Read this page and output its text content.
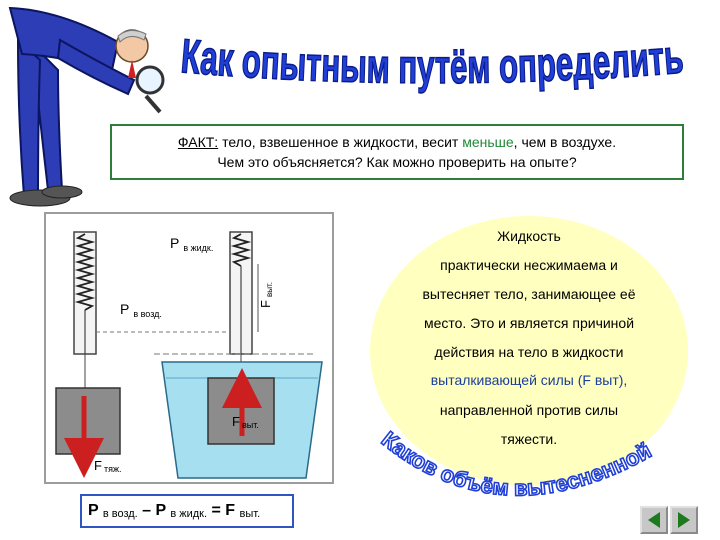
Как опытным путём определить
ФАКТ: тело, взвешенное в жидкости, весит меньше, чем в воздухе.
Чем это объясняется? Как можно проверить на опыте?
P $_{в жидк.}$
P $_{в возд.}$
Fвыт.
F выт.
F тяж.
Жидкость
практически несжимаема и
вытесняет тело, занимающее её
место. Это и является причиной
действия на тело в жидкости
выталкивающей силы (F выт),
направленной против силы
тяжести.
Каков объём вытесненной
P $_{в возд.}$ – P $_{в жидк.}$ = F $_{выт.}$
